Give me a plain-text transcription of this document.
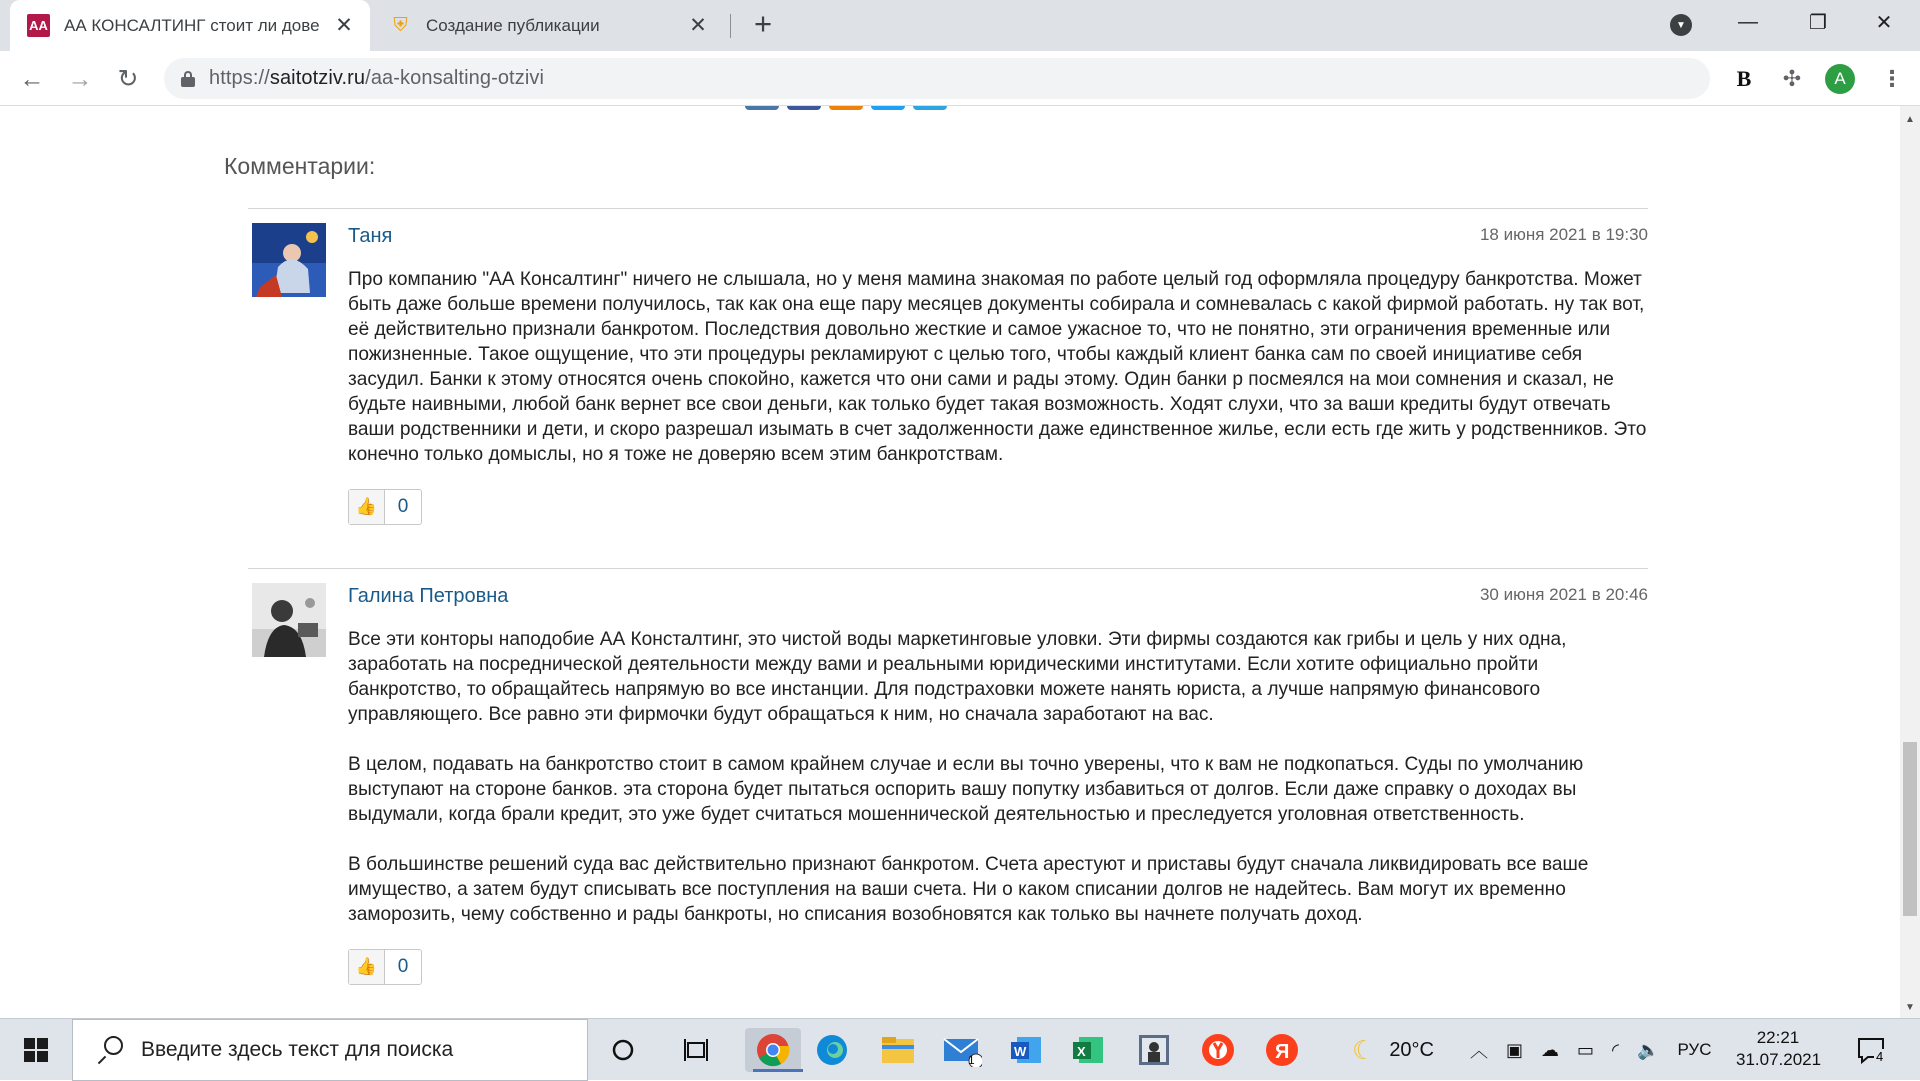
АА АА КОНСАЛТИНГ стоит ли дове ✕ ⛨ Создание публикации	✕ +	▼	—	❐	✕
← →	↻	https://saitotziv.ru/aa-konsalting-otzivi	B	✣	A	⋮
Комментарии:
Таня	18 июня 2021 в 19:30

Про компанию "АА Консалтинг" ничего не слышала, но у меня мамина знакомая по работе целый год оформляла процедуру банкротства. Может быть даже больше времени получилось, так как она еще пару месяцев документы собирала и сомневалась с какой фирмой работать. ну так вот, её действительно признали банкротом. Последствия довольно жесткие и самое ужасное то, что не понятно, эти ограничения временные или пожизненные. Такое ощущение, что эти процедуры рекламируют с целью того, чтобы каждый клиент банка сам по своей инициативе себя засудил. Банки к этому относятся очень спокойно, кажется что они сами и рады этому. Один банки р посмеялся на мои сомнения и сказал, не будьте наивными, любой банк вернет все свои деньги, как только будет такая возможность. Ходят слухи, что за ваши кредиты будут отвечать ваши родственники и дети, и скоро разрешал изымать в счет задолженности даже единственное жилье, если есть где жить у родственников. Это конечно только домыслы, но я тоже не доверяю всем этим банкротствам.

👍	0
Галина Петровна	30 июня 2021 в 20:46

Все эти конторы наподобие АА Консталтинг, это чистой воды маркетинговые уловки. Эти фирмы создаются как грибы и цель у них одна, заработать на посреднической деятельности между вами и реальными юридическими институтами. Если хотите официально пройти банкротство, то обращайтесь напрямую во все инстанции. Для подстраховки можете нанять юриста, а лучше напрямую финансового управляющего. Все равно эти фирмочки будут обращаться к ним, но сначала заработают на вас.

В целом, подавать на банкротство стоит в самом крайнем случае и если вы точно уверены, что к вам не подкопаться. Суды по умолчанию выступают на стороне банков. эта сторона будет пытаться оспорить вашу попутку избавиться от долгов. Если даже справку о доходах вы выдумали, когда брали кредит, это уже будет считаться мошеннической деятельностью и преследуется уголовная ответственность.

В большинстве решений суда вас действительно признают банкротом. Счета арестуют и приставы будут сначала ликвидировать все ваше имущество, а затем будут списывать все поступления на ваши счета. Ни о каком списании долгов не надейтесь. Вам могут их временно заморозить, чему собственно и рады банкроты, но списания возобновятся как только вы начнете получать доход.

👍	0
▲
▼
Введите здесь текст для поиска	1
W	X	Я ☾ 20°C ︿ ▣ ☁ ▭ ◜ 🔈 РУС
22:21
31.07.2021	4
